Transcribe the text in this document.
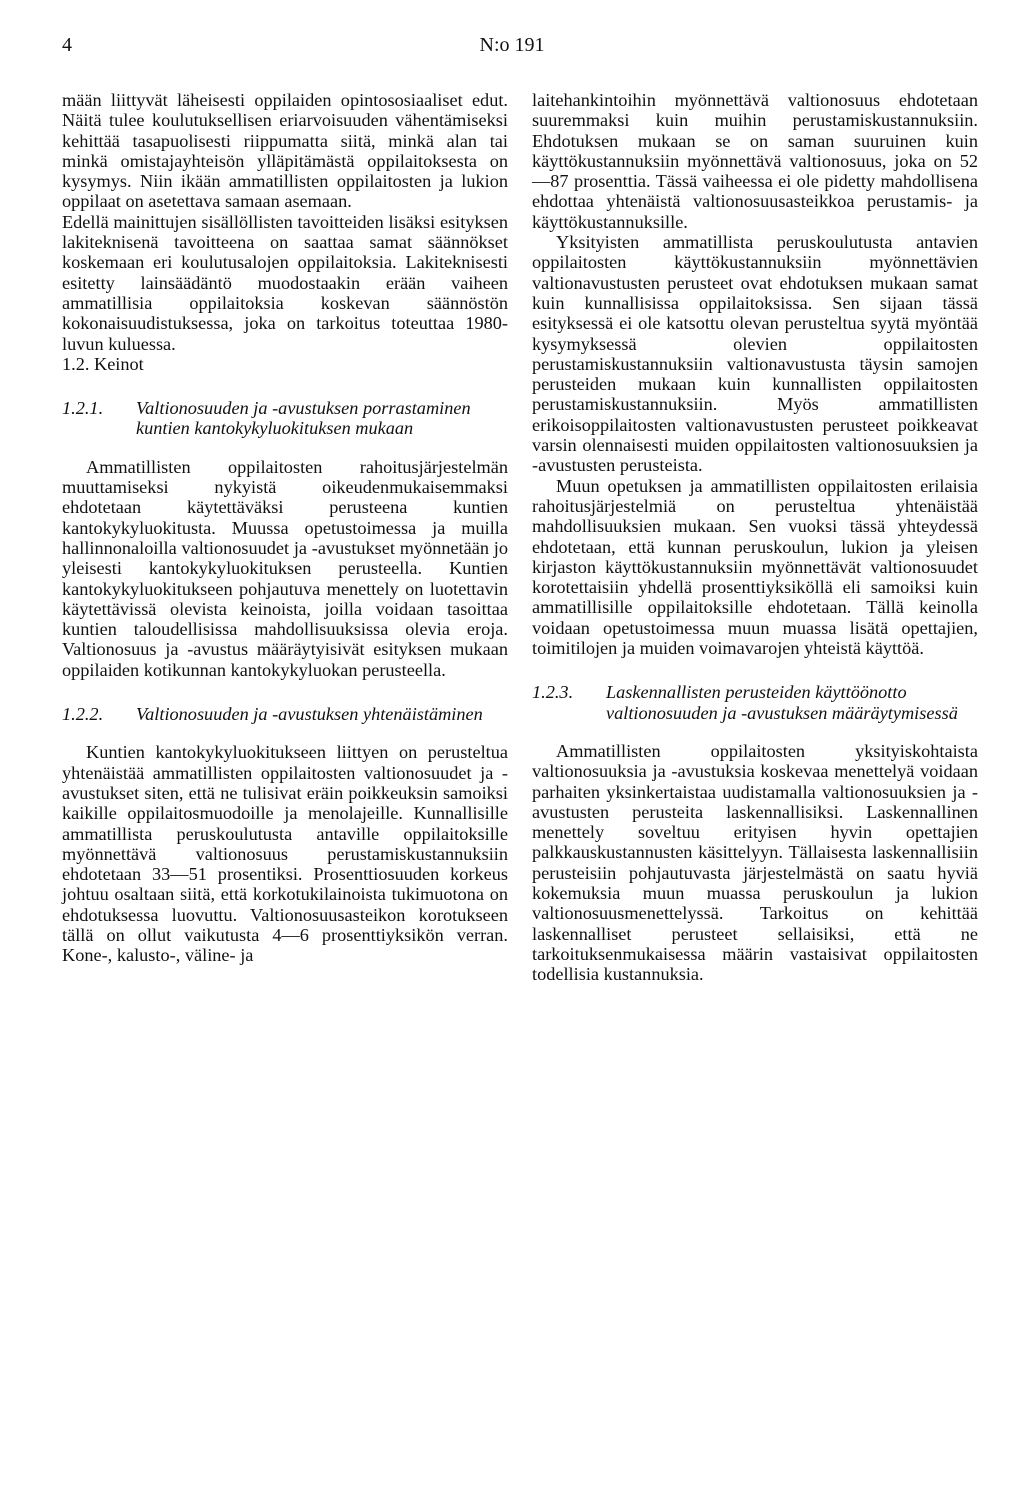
4	N:o 191

mään liittyvät läheisesti oppilaiden opintososiaaliset edut. Näitä tulee koulutuksellisen eriarvoisuuden vähentämiseksi kehittää tasapuolisesti riippumatta siitä, minkä alan tai minkä omistajayhteisön ylläpitämästä oppilaitoksesta on kysymys. Niin ikään ammatillisten oppilaitosten ja lukion oppilaat on asetettava samaan asemaan.

Edellä mainittujen sisällöllisten tavoitteiden lisäksi esityksen lakiteknisenä tavoitteena on saattaa samat säännökset koskemaan eri koulutusalojen oppilaitoksia. Lakiteknisesti esitetty lainsäädäntö muodostaakin erään vaiheen ammatillisia oppilaitoksia koskevan säännöstön kokonaisuudistuksessa, joka on tarkoitus toteuttaa 1980-luvun kuluessa.

1.2. Keinot

1.2.1.	Valtionosuuden ja -avustuksen porrastaminen kuntien kantokykyluokituksen mukaan

Ammatillisten oppilaitosten rahoitusjärjestelmän muuttamiseksi nykyistä oikeudenmukaisemmaksi ehdotetaan käytettäväksi perusteena kuntien kantokykyluokitusta. Muussa opetustoimessa ja muilla hallinnonaloilla valtionosuudet ja -avustukset myönnetään jo yleisesti kantokykyluokituksen perusteella. Kuntien kantokykyluokitukseen pohjautuva menettely on luotettavin käytettävissä olevista keinoista, joilla voidaan tasoittaa kuntien taloudellisissa mahdollisuuksissa olevia eroja. Valtionosuus ja -avustus määräytyisivät esityksen mukaan oppilaiden kotikunnan kantokykyluokan perusteella.

1.2.2.	Valtionosuuden ja -avustuksen yhtenäistäminen

Kuntien kantokykyluokitukseen liittyen on perusteltua yhtenäistää ammatillisten oppilaitosten valtionosuudet ja -avustukset siten, että ne tulisivat eräin poikkeuksin samoiksi kaikille oppilaitosmuodoille ja menolajeille. Kunnallisille ammatillista peruskoulutusta antaville oppilaitoksille myönnettävä valtionosuus perustamiskustannuksiin ehdotetaan 33—51 prosentiksi. Prosenttiosuuden korkeus johtuu osaltaan siitä, että korkotukilainoista tukimuotona on ehdotuksessa luovuttu. Valtionosuusasteikon korotukseen tällä on ollut vaikutusta 4—6 prosenttiyksikön verran. Kone-, kalusto-, väline- ja

laitehankintoihin myönnettävä valtionosuus ehdotetaan suuremmaksi kuin muihin perustamiskustannuksiin. Ehdotuksen mukaan se on saman suuruinen kuin käyttökustannuksiin myönnettävä valtionosuus, joka on 52—87 prosenttia. Tässä vaiheessa ei ole pidetty mahdollisena ehdottaa yhtenäistä valtionosuusasteikkoa perustamis- ja käyttökustannuksille.

Yksityisten ammatillista peruskoulutusta antavien oppilaitosten käyttökustannuksiin myönnettävien valtionavustusten perusteet ovat ehdotuksen mukaan samat kuin kunnallisissa oppilaitoksissa. Sen sijaan tässä esityksessä ei ole katsottu olevan perusteltua syytä myöntää kysymyksessä olevien oppilaitosten perustamiskustannuksiin valtionavustusta täysin samojen perusteiden mukaan kuin kunnallisten oppilaitosten perustamiskustannuksiin. Myös ammatillisten erikoisoppilaitosten valtionavustusten perusteet poikkeavat varsin olennaisesti muiden oppilaitosten valtionosuuksien ja -avustusten perusteista.

Muun opetuksen ja ammatillisten oppilaitosten erilaisia rahoitusjärjestelmiä on perusteltua yhtenäistää mahdollisuuksien mukaan. Sen vuoksi tässä yhteydessä ehdotetaan, että kunnan peruskoulun, lukion ja yleisen kirjaston käyttökustannuksiin myönnettävät valtionosuudet korotettaisiin yhdellä prosenttiyksiköllä eli samoiksi kuin ammatillisille oppilaitoksille ehdotetaan. Tällä keinolla voidaan opetustoimessa muun muassa lisätä opettajien, toimitilojen ja muiden voimavarojen yhteistä käyttöä.

1.2.3.	Laskennallisten perusteiden käyttöönotto valtionosuuden ja -avustuksen määräytymisessä

Ammatillisten oppilaitosten yksityiskohtaista valtionosuuksia ja -avustuksia koskevaa menettelyä voidaan parhaiten yksinkertaistaa uudistamalla valtionosuuksien ja -avustusten perusteita laskennallisiksi. Laskennallinen menettely soveltuu erityisen hyvin opettajien palkkauskustannusten käsittelyyn. Tällaisesta laskennallisiin perusteisiin pohjautuvasta järjestelmästä on saatu hyviä kokemuksia muun muassa peruskoulun ja lukion valtionosuusmenettelyssä. Tarkoitus on kehittää laskennalliset perusteet sellaisiksi, että ne tarkoituksenmukaisessa määrin vastaisivat oppilaitosten todellisia kustannuksia.
